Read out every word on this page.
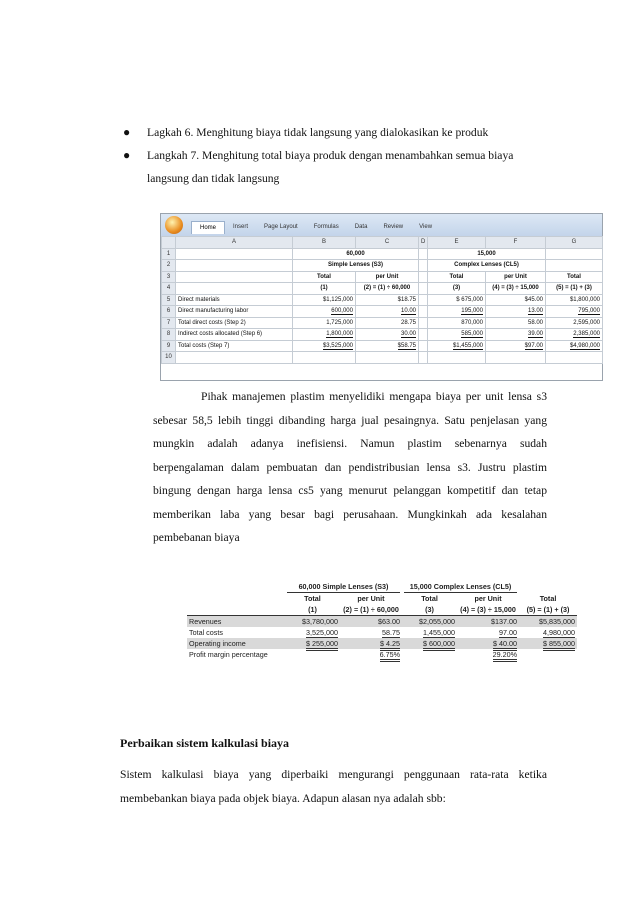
● Lagkah 6. Menghitung biaya tidak langsung yang dialokasikan ke produk
● Langkah 7. Menghitung total biaya produk dengan menambahkan semua biaya langsung dan tidak langsung
Home	Insert	Page Layout	Formulas	Data	Review	View
	A	B	C	D	E	F	G
1		60,000			15,000		
2		Simple Lenses (S3)			Complex Lenses (CL5)		
3		Total	per Unit		Total	per Unit	Total
4		(1)	(2) = (1) ÷ 60,000		(3)	(4) = (3) ÷ 15,000	(5) = (1) + (3)
5	Direct materials	$1,125,000	$18.75		$ 675,000	$45.00	$1,800,000
6	Direct manufacturing labor	600,000	10.00		195,000	13.00	795,000
7	Total direct costs (Step 2)	1,725,000	28.75		870,000	58.00	2,595,000
8	Indirect costs allocated (Step 6)	1,800,000	30.00		585,000	39.00	2,385,000
9	Total costs (Step 7)	$3,525,000	$58.75		$1,455,000	$97.00	$4,980,000
10							
Pihak manajemen plastim menyelidiki mengapa biaya per unit lensa s3 sebesar 58,5 lebih tinggi dibanding harga jual pesaingnya. Satu penjelasan yang mungkin adalah adanya inefisiensi. Namun plastim sebenarnya sudah berpengalaman dalam pembuatan dan pendistribusian lensa s3. Justru plastim bingung dengan harga lensa cs5 yang menurut pelanggan kompetitif dan tetap memberikan laba yang besar bagi perusahaan. Mungkinkah ada kesalahan pembebanan biaya

	60,000 Simple Lenses (S3)		15,000 Complex Lenses (CL5)		

	Total	per Unit	Total	per Unit	Total
	(1)	(2) = (1) ÷ 60,000	(3)	(4) = (3) ÷ 15,000	(5) = (1) + (3)
Revenues	$3,780,000	$63.00	$2,055,000	$137.00	$5,835,000
Total costs	3,525,000	58.75	1,455,000	97.00	4,980,000
Operating income	$ 255,000	$ 4.25	$ 600,000	$ 40.00	$ 855,000
Profit margin percentage		6.75%		29.20%	
Perbaikan sistem kalkulasi biaya
Sistem kalkulasi biaya yang diperbaiki mengurangi penggunaan rata-rata ketika membebankan biaya pada objek biaya. Adapun alasan nya adalah sbb:
